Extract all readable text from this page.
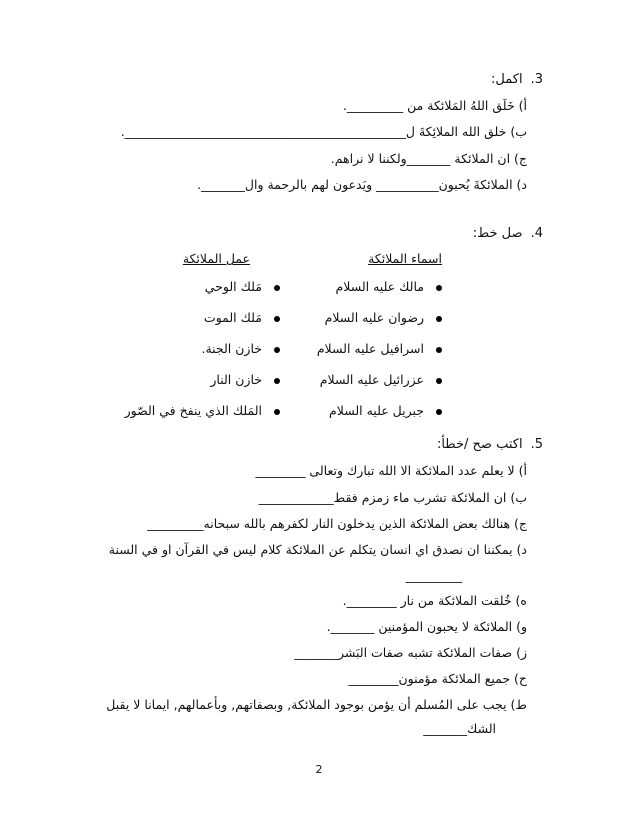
3.اكمل:
أ) خَلَق اللهُ المَلائكة من _________.
ب) خلق الله الملائِكةَ ل_____________________________________________.
ج) ان الملائكة _______ولكننا لا نراهم.
د) الملائكةَ يُحبون__________ ويَدعون لهم بالرحمة وال_______.
4.صل خط:
اسماء الملائكة
عمل الملائكة
مالك عليه السلام
رضوان عليه السلام
اسرافيل عليه السلام
عزرائيل عليه السلام
جبريل عليه السلام
مَلك الوحي
مَلك الموت
خازن الجنة.
خازن النار
المَلك الذي ينفخ في الصّور
5.اكتب صح /خطأ:
أ) لا يعلم عدد الملائكة الا الله تبارك وتعالى ________
ب) ان الملائكة تشرب ماء زمزم فقط____________
ج) هنالك بعض الملائكة الذين يدخلون النار لكفرهم بالله سبحانه_________
د) يمكننا ان نصدق اي انسان يتكلم عن الملائكة كلام ليس في القرآن او في السنة
_________
ه) خُلقت الملائكة من نار ________.
و) الملائكة لا يحبون المؤمنين _______.
ز) صفات الملائكة تشبه صفات البَشر_______
ح) جميع الملائكة مؤمنون________
ط) يجب على المُسلم أن يؤمن بوجود الملائكة, وبصفاتهم, وبأعمالهم, ايمانا لا يقبل
الشك_______
2
